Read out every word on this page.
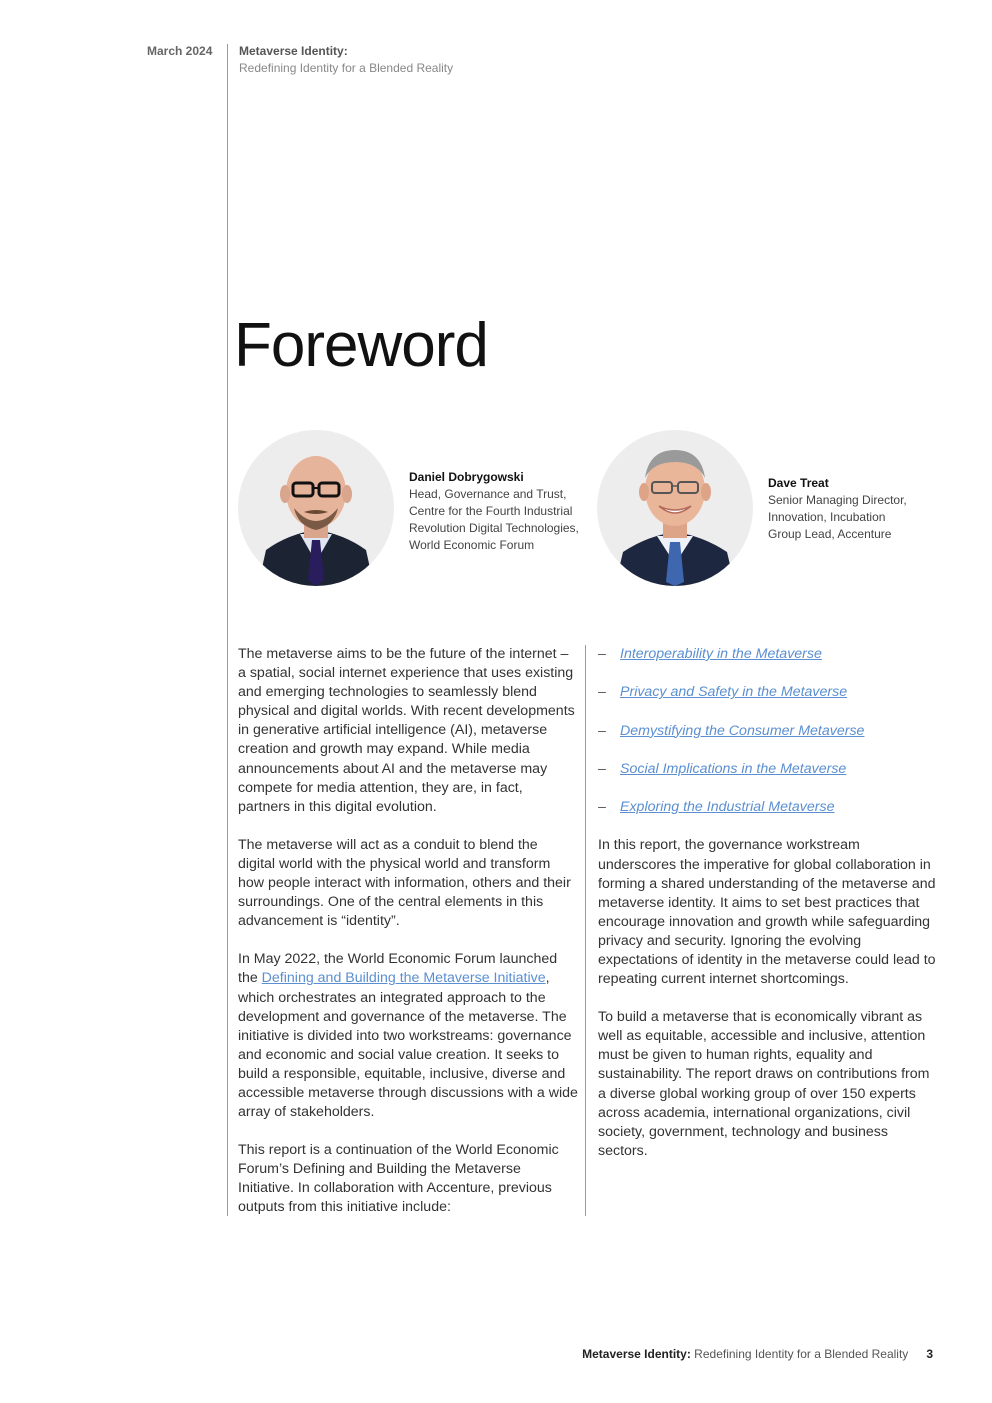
March 2024 Metaverse Identity:
Redefining Identity for a Blended Reality
Foreword
Daniel Dobrygowski
Head, Governance and Trust,
Centre for the Fourth Industrial
Revolution Digital Technologies,
World Economic Forum
Dave Treat
Senior Managing Director,
Innovation, Incubation
Group Lead, Accenture

The metaverse aims to be the future of the internet – a spatial, social internet experience that uses existing and emerging technologies to seamlessly blend physical and digital worlds. With recent developments in generative artificial intelligence (AI), metaverse creation and growth may expand. While media announcements about AI and the metaverse may compete for media attention, they are, in fact, partners in this digital evolution.

The metaverse will act as a conduit to blend the digital world with the physical world and transform how people interact with information, others and their surroundings. One of the central elements in this advancement is “identity”.

In May 2022, the World Economic Forum launched the Defining and Building the Metaverse Initiative, which orchestrates an integrated approach to the development and governance of the metaverse. The initiative is divided into two workstreams: governance and economic and social value creation. It seeks to build a responsible, equitable, inclusive, diverse and accessible metaverse through discussions with a wide array of stakeholders.

This report is a continuation of the World Economic Forum’s Defining and Building the Metaverse Initiative. In collaboration with Accenture, previous outputs from this initiative include:

– Interoperability in the Metaverse
– Privacy and Safety in the Metaverse
– Demystifying the Consumer Metaverse
– Social Implications in the Metaverse
– Exploring the Industrial Metaverse

In this report, the governance workstream underscores the imperative for global collaboration in forming a shared understanding of the metaverse and metaverse identity. It aims to set best practices that encourage innovation and growth while safeguarding privacy and security. Ignoring the evolving expectations of identity in the metaverse could lead to repeating current internet shortcomings.

To build a metaverse that is economically vibrant as well as equitable, accessible and inclusive, attention must be given to human rights, equality and sustainability. The report draws on contributions from a diverse global working group of over 150 experts across academia, international organizations, civil society, government, technology and business sectors.

Metaverse Identity: Redefining Identity for a Blended Reality 3
